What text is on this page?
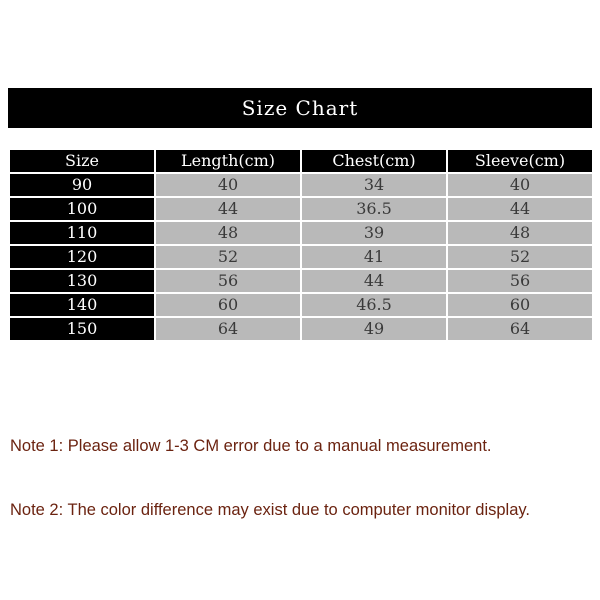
Size Chart
Size	Length(cm)	Chest(cm)	Sleeve(cm)
90	40	34	40
100	44	36.5	44
110	48	39	48
120	52	41	52
130	56	44	56
140	60	46.5	60
150	64	49	64
Note 1: Please allow 1-3 CM error due to a manual measurement.
Note 2: The color difference may exist due to computer monitor display.
